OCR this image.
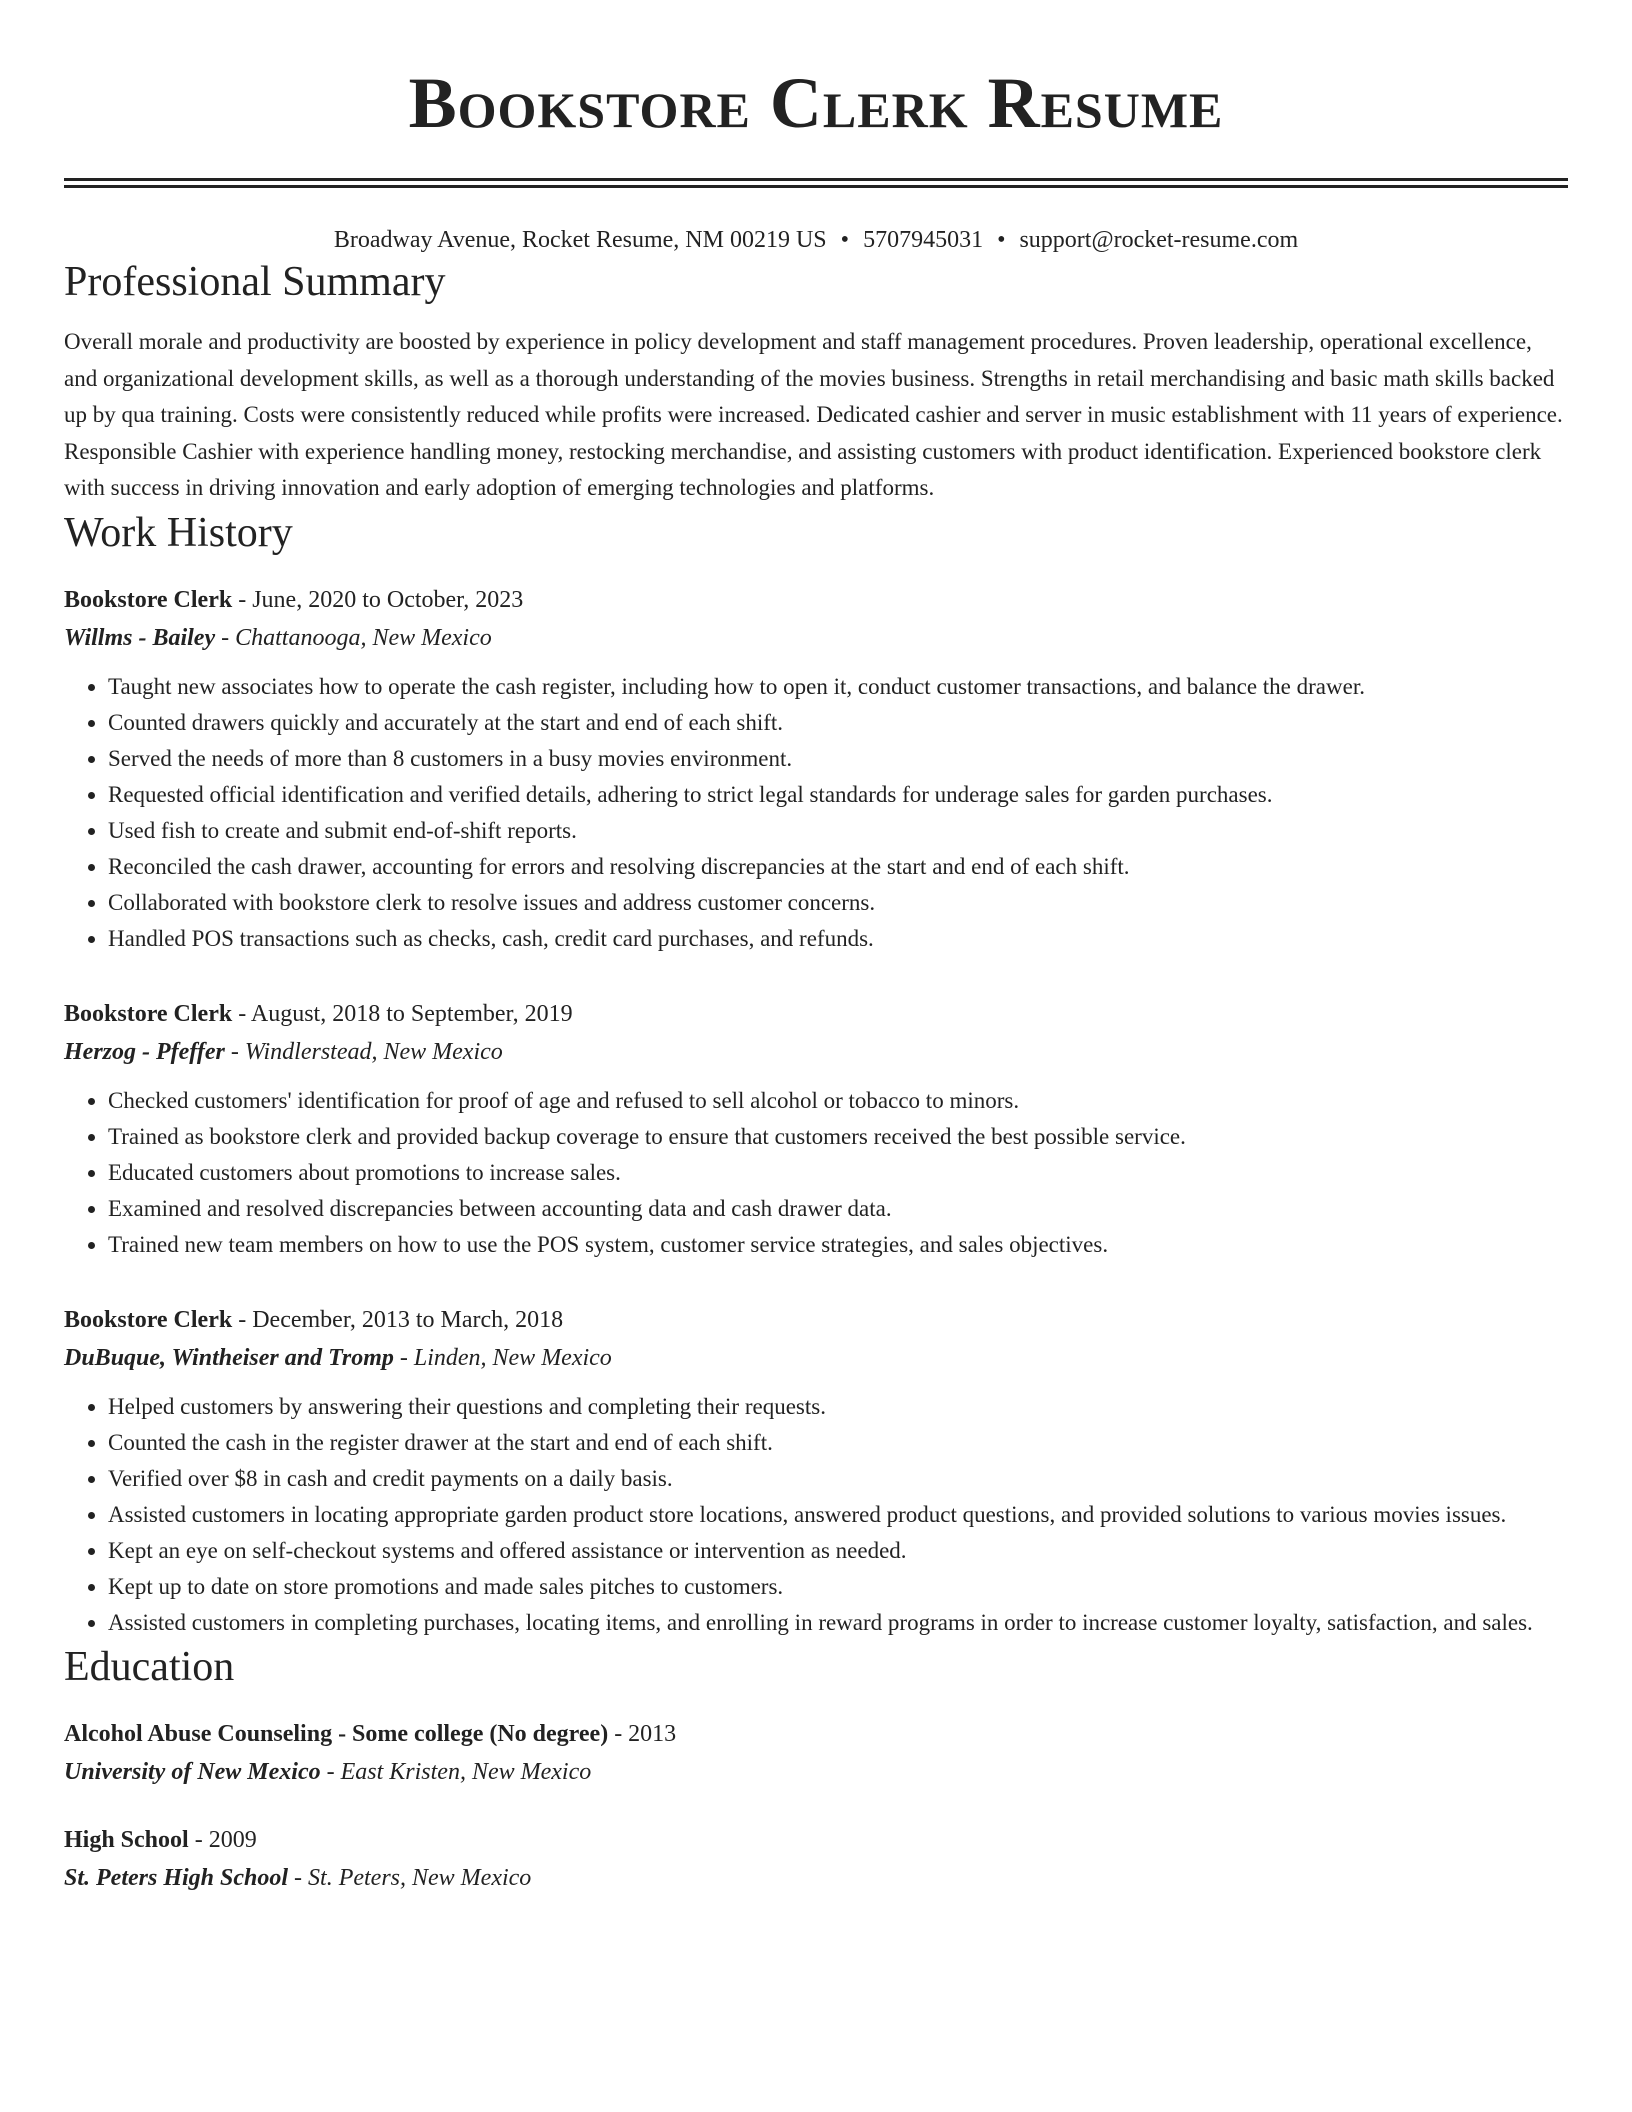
Bookstore Clerk Resume
Broadway Avenue, Rocket Resume, NM 00219 US • 5707945031 • support@rocket-resume.com
Professional Summary

Overall morale and productivity are boosted by experience in policy development and staff management procedures. Proven leadership, operational excellence, and organizational development skills, as well as a thorough understanding of the movies business. Strengths in retail merchandising and basic math skills backed up by qua training. Costs were consistently reduced while profits were increased. Dedicated cashier and server in music establishment with 11 years of experience. Responsible Cashier with experience handling money, restocking merchandise, and assisting customers with product identification. Experienced bookstore clerk with success in driving innovation and early adoption of emerging technologies and platforms.

Work History
Bookstore Clerk - June, 2020 to October, 2023
Willms - Bailey - Chattanooga, New Mexico
• Taught new associates how to operate the cash register, including how to open it, conduct customer transactions, and balance the drawer.
• Counted drawers quickly and accurately at the start and end of each shift.
• Served the needs of more than 8 customers in a busy movies environment.
• Requested official identification and verified details, adhering to strict legal standards for underage sales for garden purchases.
• Used fish to create and submit end-of-shift reports.
• Reconciled the cash drawer, accounting for errors and resolving discrepancies at the start and end of each shift.
• Collaborated with bookstore clerk to resolve issues and address customer concerns.
• Handled POS transactions such as checks, cash, credit card purchases, and refunds.
Bookstore Clerk - August, 2018 to September, 2019
Herzog - Pfeffer - Windlerstead, New Mexico
• Checked customers' identification for proof of age and refused to sell alcohol or tobacco to minors.
• Trained as bookstore clerk and provided backup coverage to ensure that customers received the best possible service.
• Educated customers about promotions to increase sales.
• Examined and resolved discrepancies between accounting data and cash drawer data.
• Trained new team members on how to use the POS system, customer service strategies, and sales objectives.
Bookstore Clerk - December, 2013 to March, 2018
DuBuque, Wintheiser and Tromp - Linden, New Mexico
• Helped customers by answering their questions and completing their requests.
• Counted the cash in the register drawer at the start and end of each shift.
• Verified over $8 in cash and credit payments on a daily basis.
• Assisted customers in locating appropriate garden product store locations, answered product questions, and provided solutions to various movies issues.
• Kept an eye on self-checkout systems and offered assistance or intervention as needed.
• Kept up to date on store promotions and made sales pitches to customers.
• Assisted customers in completing purchases, locating items, and enrolling in reward programs in order to increase customer loyalty, satisfaction, and sales.
Education
Alcohol Abuse Counseling - Some college (No degree) - 2013
University of New Mexico - East Kristen, New Mexico
High School - 2009
St. Peters High School - St. Peters, New Mexico
